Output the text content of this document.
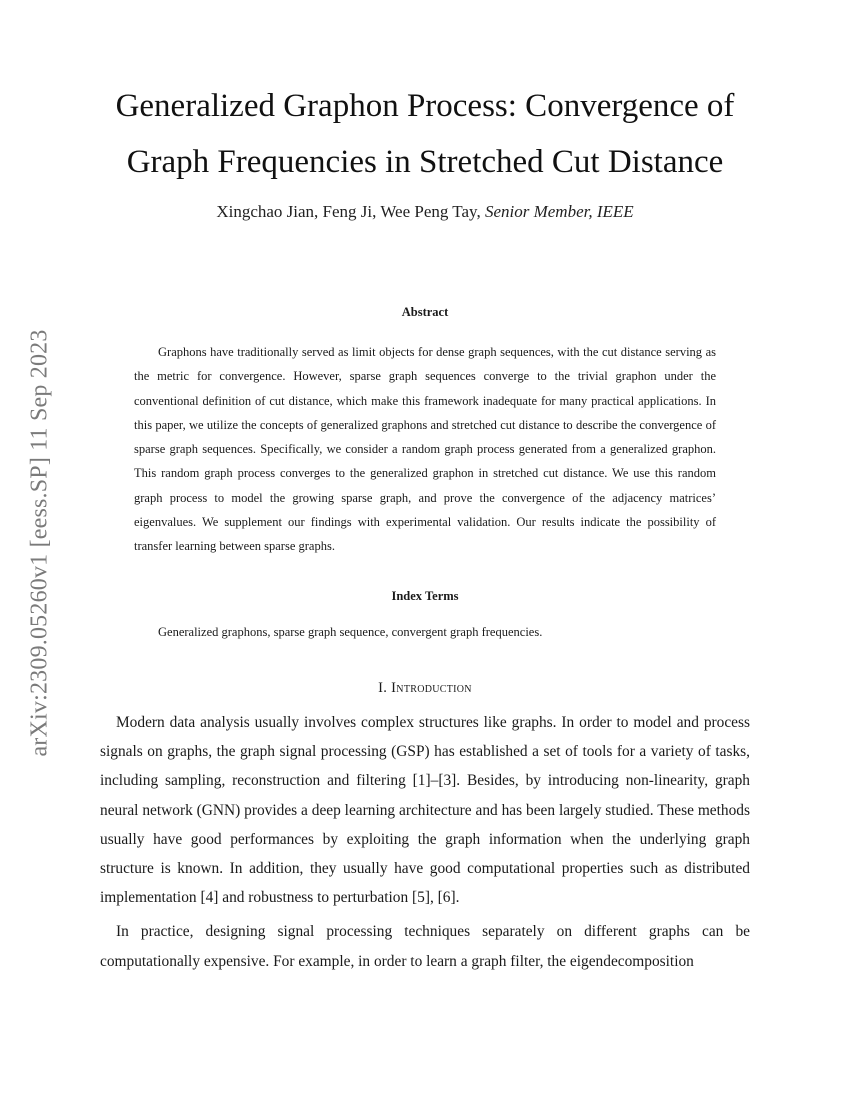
arXiv:2309.05260v1 [eess.SP] 11 Sep 2023
Generalized Graphon Process: Convergence of
Graph Frequencies in Stretched Cut Distance
Xingchao Jian, Feng Ji, Wee Peng Tay, Senior Member, IEEE
Abstract

Graphons have traditionally served as limit objects for dense graph sequences, with the cut distance serving as the metric for convergence. However, sparse graph sequences converge to the trivial graphon under the conventional definition of cut distance, which make this framework inadequate for many practical applications. In this paper, we utilize the concepts of generalized graphons and stretched cut distance to describe the convergence of sparse graph sequences. Specifically, we consider a random graph process generated from a generalized graphon. This random graph process converges to the generalized graphon in stretched cut distance. We use this random graph process to model the growing sparse graph, and prove the convergence of the adjacency matrices’ eigenvalues. We supplement our findings with experimental validation. Our results indicate the possibility of transfer learning between sparse graphs.

Index Terms

Generalized graphons, sparse graph sequence, convergent graph frequencies.

I. Introduction

Modern data analysis usually involves complex structures like graphs. In order to model and process signals on graphs, the graph signal processing (GSP) has established a set of tools for a variety of tasks, including sampling, reconstruction and filtering [1]–[3]. Besides, by introducing non-linearity, graph neural network (GNN) provides a deep learning architecture and has been largely studied. These methods usually have good performances by exploiting the graph information when the underlying graph structure is known. In addition, they usually have good computational properties such as distributed implementation [4] and robustness to perturbation [5], [6].

In practice, designing signal processing techniques separately on different graphs can be computationally expensive. For example, in order to learn a graph filter, the eigendecomposition
